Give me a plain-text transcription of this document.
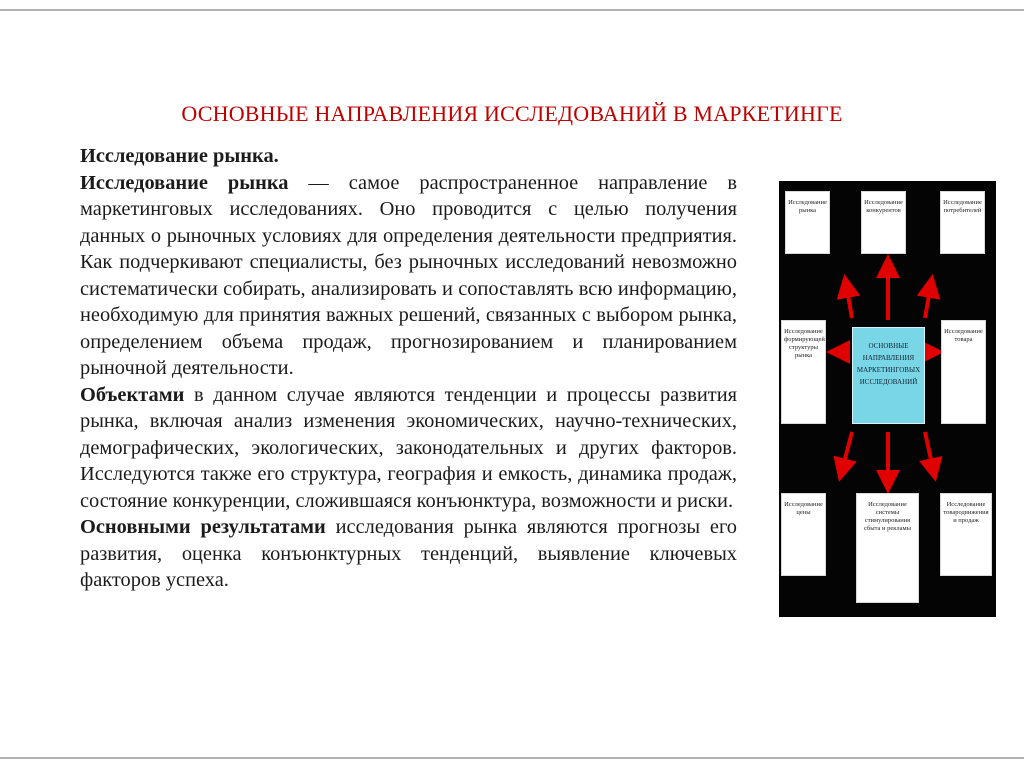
ОСНОВНЫЕ НАПРАВЛЕНИЯ ИССЛЕДОВАНИЙ В МАРКЕТИНГЕ

Исследование рынка.

Исследование рынка — самое распространенное направление в маркетинговых исследованиях. Оно проводится с целью получения данных о рыночных условиях для определения деятельности предприятия. Как подчеркивают специалисты, без рыночных исследований невозможно систематически собирать, анализировать и сопоставлять всю информацию, необходимую для принятия важных решений, связанных с выбором рынка, определением объема продаж, прогнозированием и планированием рыночной деятельности.

Объектами в данном случае являются тенденции и процессы развития рынка, включая анализ изменения экономических, научно-технических, демографических, экологических, законодательных и других факторов. Исследуются также его структура, география и емкость, динамика продаж, состояние конкуренции, сложившаяся конъюнктура, возможности и риски.

Основными результатами исследования рынка являются прогнозы его развития, оценка конъюнктурных тенденций, выявление ключевых факторов успеха.

Исследование рынка
Исследование конкурентов
Исследование потребителей
Исследование формирующей структуры рынка
ОСНОВНЫЕ НАПРАВЛЕНИЯ МАРКЕТИНГОВЫХ ИССЛЕДОВАНИЙ
Исследование товара
Исследование цены
Исследование системы стимулирования сбыта и рекламы
Исследование товародвижения и продаж
